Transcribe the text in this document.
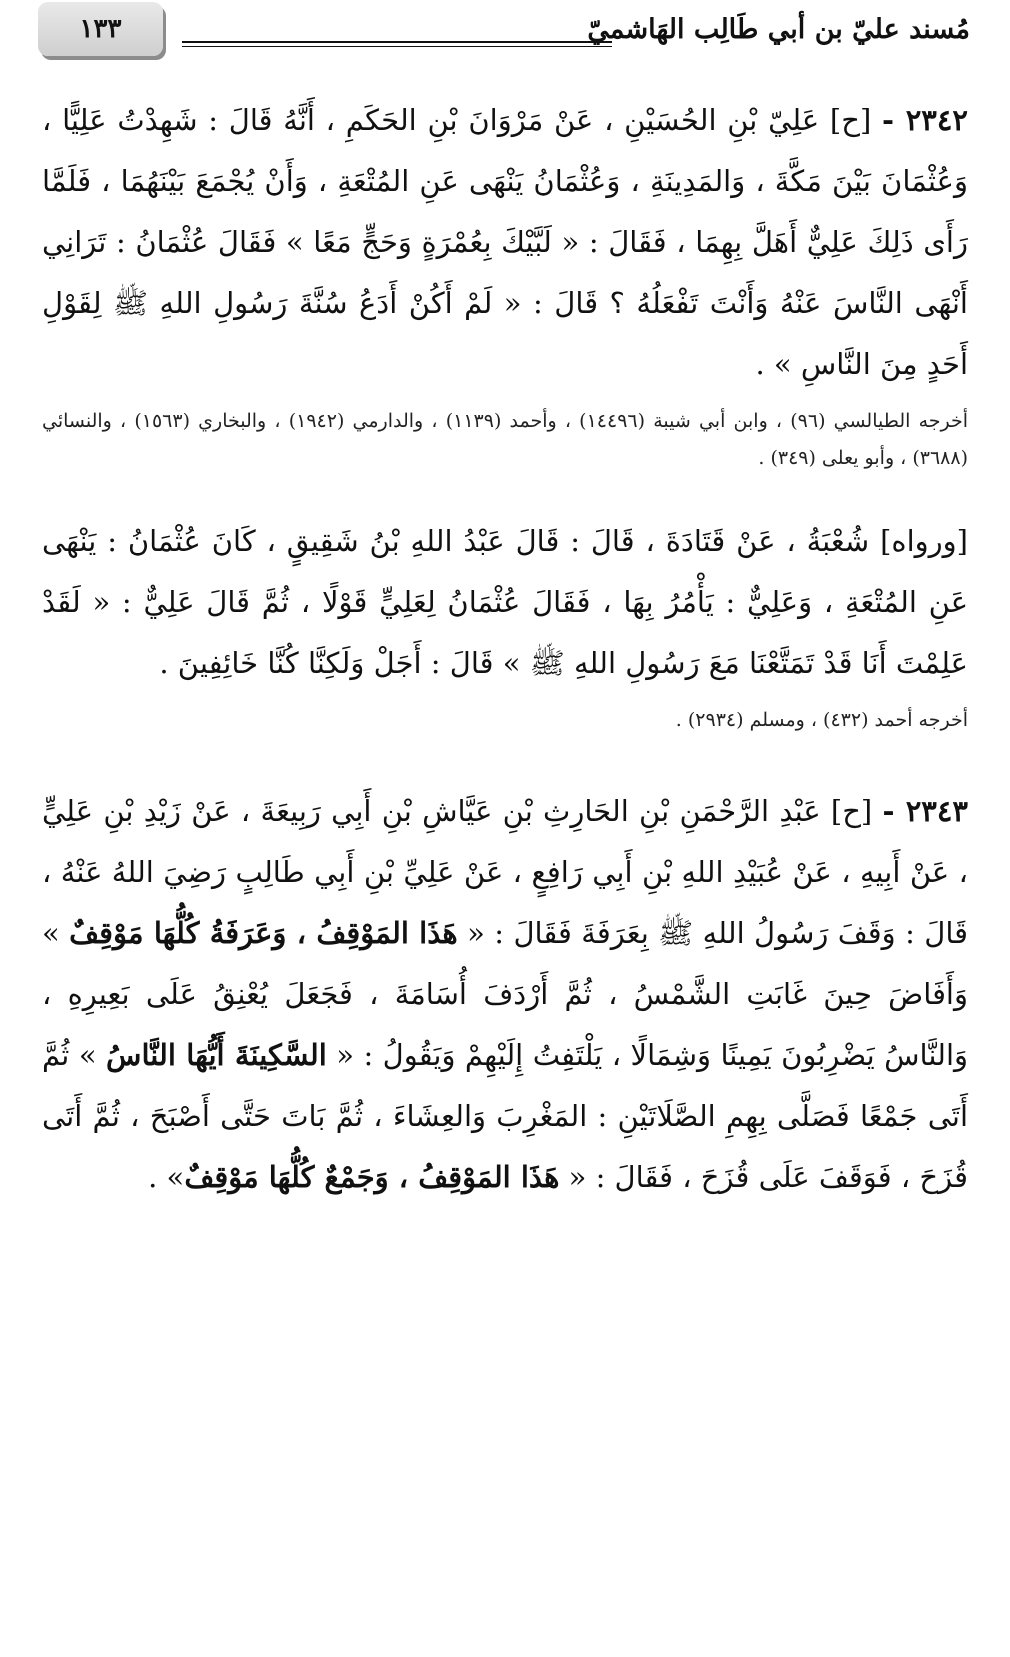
مُسند عليّ بن أبي طَالِب الهَاشميّ
١٣٣

٢٣٤٢ - [ح] عَلِيّ بْنِ الحُسَيْنِ ، عَنْ مَرْوَانَ بْنِ الحَكَمِ ، أَنَّهُ قَالَ : شَهِدْتُ عَلِيًّا ، وَعُثْمَانَ بَيْنَ مَكَّةَ ، وَالمَدِينَةِ ، وَعُثْمَانُ يَنْهَى عَنِ المُتْعَةِ ، وَأَنْ يُجْمَعَ بَيْنَهُمَا ، فَلَمَّا رَأَى ذَلِكَ عَلِيٌّ أَهَلَّ بِهِمَا ، فَقَالَ : « لَبَّيْكَ بِعُمْرَةٍ وَحَجٍّ مَعًا » فَقَالَ عُثْمَانُ : تَرَانِي أَنْهَى النَّاسَ عَنْهُ وَأَنْتَ تَفْعَلُهُ ؟ قَالَ : « لَمْ أَكُنْ أَدَعُ سُنَّةَ رَسُولِ اللهِ ﷺ لِقَوْلِ أَحَدٍ مِنَ النَّاسِ » .

أخرجه الطيالسي (٩٦) ، وابن أبي شيبة (١٤٤٩٦) ، وأحمد (١١٣٩) ، والدارمي (١٩٤٢) ، والبخاري (١٥٦٣) ، والنسائي (٣٦٨٨) ، وأبو يعلى (٣٤٩) .

[ورواه] شُعْبَةُ ، عَنْ قَتَادَةَ ، قَالَ : قَالَ عَبْدُ اللهِ بْنُ شَقِيقٍ ، كَانَ عُثْمَانُ : يَنْهَى عَنِ المُتْعَةِ ، وَعَلِيٌّ : يَأْمُرُ بِهَا ، فَقَالَ عُثْمَانُ لِعَلِيٍّ قَوْلًا ، ثُمَّ قَالَ عَلِيٌّ : « لَقَدْ عَلِمْتَ أَنَا قَدْ تَمَتَّعْنَا مَعَ رَسُولِ اللهِ ﷺ » قَالَ : أَجَلْ وَلَكِنَّا كُنَّا خَائِفِينَ .

أخرجه أحمد (٤٣٢) ، ومسلم (٢٩٣٤) .

٢٣٤٣ - [ح] عَبْدِ الرَّحْمَنِ بْنِ الحَارِثِ بْنِ عَيَّاشِ بْنِ أَبِي رَبِيعَةَ ، عَنْ زَيْدِ بْنِ عَلِيٍّ ، عَنْ أَبِيهِ ، عَنْ عُبَيْدِ اللهِ بْنِ أَبِي رَافِعٍ ، عَنْ عَلِيِّ بْنِ أَبِي طَالِبٍ رَضِيَ اللهُ عَنْهُ ، قَالَ : وَقَفَ رَسُولُ اللهِ ﷺ بِعَرَفَةَ فَقَالَ : « هَذَا المَوْقِفُ ، وَعَرَفَةُ كُلُّهَا مَوْقِفٌ » وَأَفَاضَ حِينَ غَابَتِ الشَّمْسُ ، ثُمَّ أَرْدَفَ أُسَامَةَ ، فَجَعَلَ يُعْنِقُ عَلَى بَعِيرِهِ ، وَالنَّاسُ يَضْرِبُونَ يَمِينًا وَشِمَالًا ، يَلْتَفِتُ إِلَيْهِمْ وَيَقُولُ : « السَّكِينَةَ أَيُّهَا النَّاسُ » ثُمَّ أَتَى جَمْعًا فَصَلَّى بِهِمِ الصَّلَاتَيْنِ : المَغْرِبَ وَالعِشَاءَ ، ثُمَّ بَاتَ حَتَّى أَصْبَحَ ، ثُمَّ أَتَى قُزَحَ ، فَوَقَفَ عَلَى قُزَحَ ، فَقَالَ : « هَذَا المَوْقِفُ ، وَجَمْعٌ كُلُّهَا مَوْقِفٌ» .
